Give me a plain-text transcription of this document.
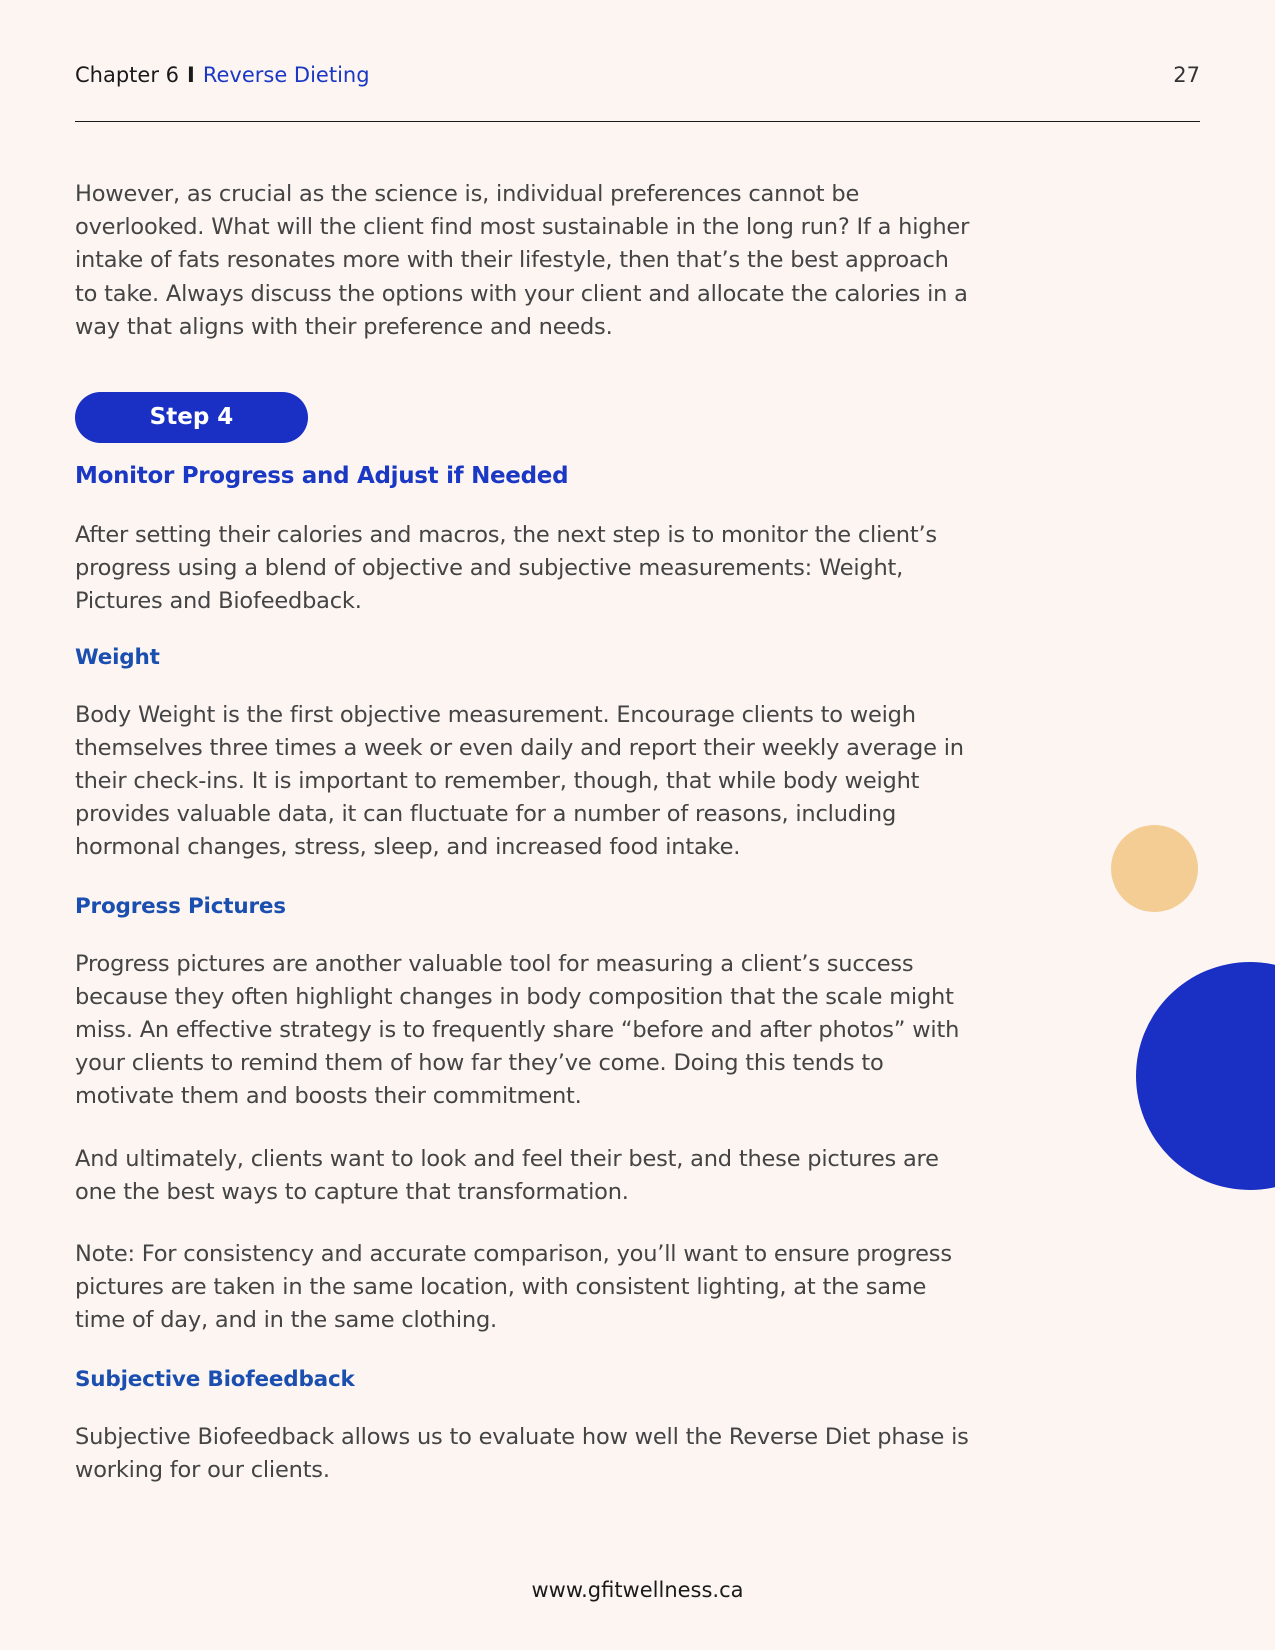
Chapter 6 I Reverse Dieting	27

However, as crucial as the science is, individual preferences cannot be overlooked. What will the client find most sustainable in the long run? If a higher intake of fats resonates more with their lifestyle, then that’s the best approach to take. Always discuss the options with your client and allocate the calories in a way that aligns with their preference and needs.

Step 4
Monitor Progress and Adjust if Needed

After setting their calories and macros, the next step is to monitor the client’s progress using a blend of objective and subjective measurements: Weight, Pictures and Biofeedback.

Weight

Body Weight is the first objective measurement. Encourage clients to weigh themselves three times a week or even daily and report their weekly average in their check-ins. It is important to remember, though, that while body weight provides valuable data, it can fluctuate for a number of reasons, including hormonal changes, stress, sleep, and increased food intake.

Progress Pictures

Progress pictures are another valuable tool for measuring a client’s success because they often highlight changes in body composition that the scale might miss. An effective strategy is to frequently share “before and after photos” with your clients to remind them of how far they’ve come. Doing this tends to motivate them and boosts their commitment.

And ultimately, clients want to look and feel their best, and these pictures are one the best ways to capture that transformation.

Note: For consistency and accurate comparison, you’ll want to ensure progress pictures are taken in the same location, with consistent lighting, at the same time of day, and in the same clothing.

Subjective Biofeedback

Subjective Biofeedback allows us to evaluate how well the Reverse Diet phase is working for our clients.

www.gfitwellness.ca
